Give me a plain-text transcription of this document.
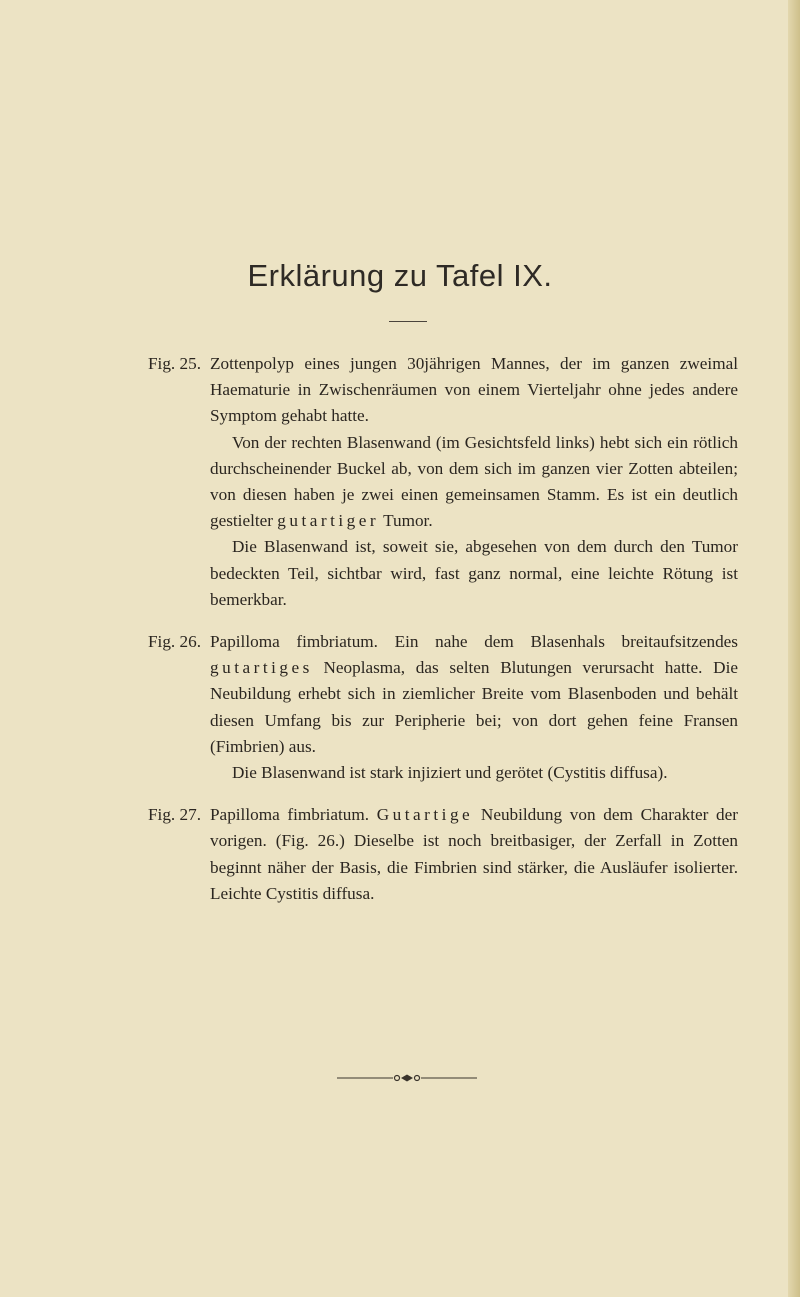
Erklärung zu Tafel IX.
Fig. 25. Zottenpolyp eines jungen 30jährigen Mannes, der im ganzen zweimal Haematurie in Zwischenräumen von einem Vierteljahr ohne jedes andere Symptom gehabt hatte.
Von der rechten Blasenwand (im Gesichtsfeld links) hebt sich ein rötlich durchscheinender Buckel ab, von dem sich im ganzen vier Zotten abteilen; von diesen haben je zwei einen gemeinsamen Stamm. Es ist ein deutlich gestielter gutartiger Tumor.
Die Blasenwand ist, soweit sie, abgesehen von dem durch den Tumor bedeckten Teil, sichtbar wird, fast ganz normal, eine leichte Rötung ist bemerkbar.
Fig. 26. Papilloma fimbriatum. Ein nahe dem Blasenhals breitaufsitzendes gutartiges Neoplasma, das selten Blutungen verursacht hatte. Die Neubildung erhebt sich in ziemlicher Breite vom Blasenboden und behält diesen Umfang bis zur Peripherie bei; von dort gehen feine Fransen (Fimbrien) aus.
Die Blasenwand ist stark injiziert und gerötet (Cystitis diffusa).
Fig. 27. Papilloma fimbriatum. Gutartige Neubildung von dem Charakter der vorigen. (Fig. 26.) Dieselbe ist noch breitbasiger, der Zerfall in Zotten beginnt näher der Basis, die Fimbrien sind stärker, die Ausläufer isolierter. Leichte Cystitis diffusa.
